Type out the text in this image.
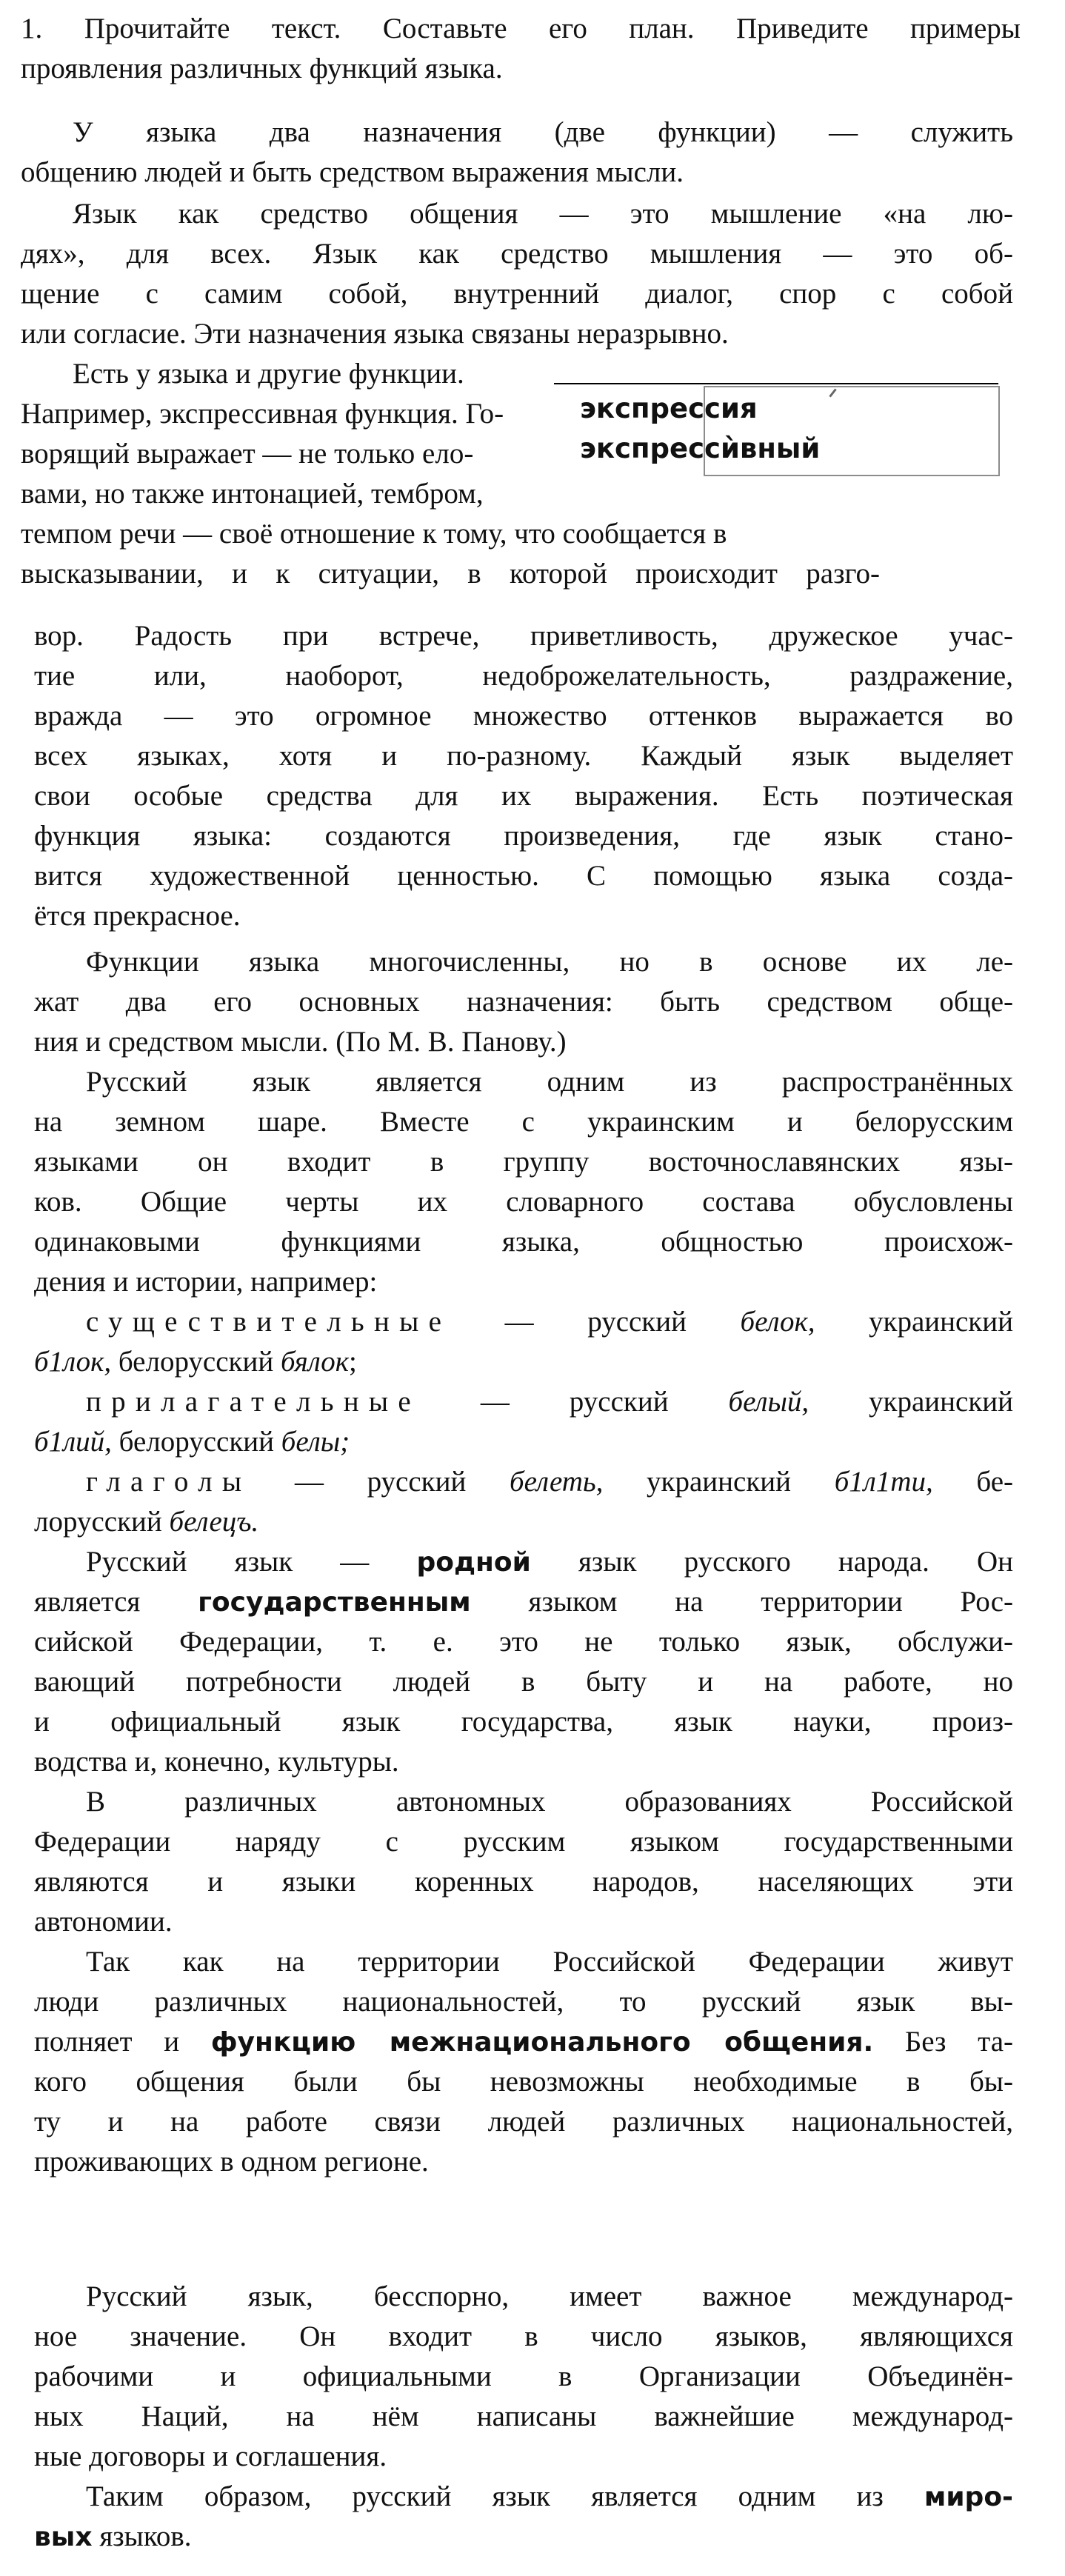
1. Прочитайте текст. Составьте его план. Приведите примеры
проявления различных функций языка.
У языка два назначения (две функции) — служить
общению людей и быть средством выражения мысли.
Язык как средство общения — это мышление «на лю-
дях», для всех. Язык как средство мышления — это об-
щение с самим собой, внутренний диалог, спор с собой
или согласие. Эти назначения языка связаны неразрывно.
Есть у языка и другие функции.
Например, экспрессивная функция. Го-
ворящий выражает — не только ело-
вами, но также интонацией, тембром,
темпом речи — своё отношение к тому, что сообщается в
высказывании, и к ситуации, в которой происходит разго-
экспрессия
экспрессѝвный
вор. Радость при встрече, приветливость, дружеское учас-
тие или, наоборот, недоброжелательность, раздражение,
вражда — это огромное множество оттенков выражается во
всех языках, хотя и по-разному. Каждый язык выделяет
свои особые средства для их выражения. Есть поэтическая
функция языка: создаются произведения, где язык стано-
вится художественной ценностью. С помощью языка созда-
ётся прекрасное.
Функции языка многочисленны, но в основе их ле-
жат два его основных назначения: быть средством обще-
ния и средством мысли. (По М. В. Панову.)
Русский язык является одним из распространённых
на земном шаре. Вместе с украинским и белорусским
языками он входит в группу восточнославянских язы-
ков. Общие черты их словарного состава обусловлены
одинаковыми функциями языка, общностью происхож-
дения и истории, например:
существительные — русский белок, украинский
б1лок, белорусский бялок;
прилагательные — русский белый, украинский
б1лий, белорусский белы;
глаголы — русский белеть, украинский б1л1ти, бе-
лорусский белецъ.
Русский язык — родной язык русского народа. Он
является государственным языком на территории Рос-
сийской Федерации, т. е. это не только язык, обслужи-
вающий потребности людей в быту и на работе, но
и официальный язык государства, язык науки, произ-
водства и, конечно, культуры.
В различных автономных образованиях Российской
Федерации наряду с русским языком государственными
являются и языки коренных народов, населяющих эти
автономии.
Так как на территории Российской Федерации живут
люди различных национальностей, то русский язык вы-
полняет и функцию межнационального общения. Без та-
кого общения были бы невозможны необходимые в бы-
ту и на работе связи людей различных национальностей,
проживающих в одном регионе.
Русский язык, бесспорно, имеет важное международ-
ное значение. Он входит в число языков, являющихся
рабочими и официальными в Организации Объединён-
ных Наций, на нём написаны важнейшие международ-
ные договоры и соглашения.
Таким образом, русский язык является одним из миро-
вых языков.
